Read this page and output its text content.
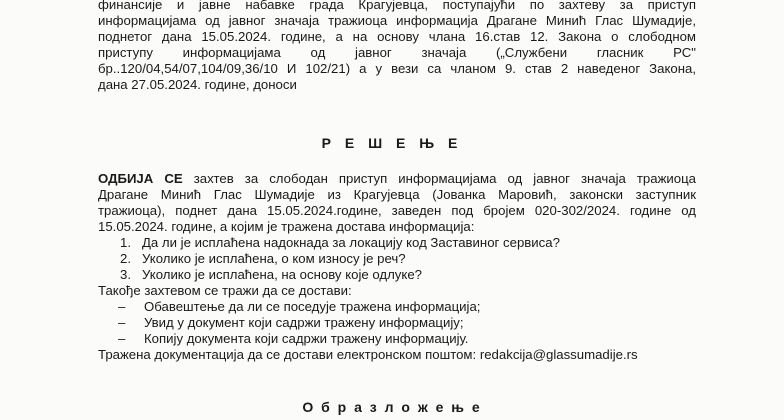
финансије и јавне набавке града Крагујевца, поступајући по захтеву за приступ
информацијама од јавног значаја тражиоца информација Драгане Минић Глас Шумадије,
поднетог дана 15.05.2024. године, а на основу члана 16.став 12. Закона о слободном
приступу информацијама од јавног значаја („Службени гласник РС"
бр..120/04,54/07,104/09,36/10 И 102/21) а у вези са чланом 9. став 2 наведеног Закона,
дана 27.05.2024. године, доноси
Р Е Ш Е Њ Е
ОДБИЈА СЕ захтев за слободан приступ информацијама од јавног значаја тражиоца
Драгане Минић Глас Шумадије из Крагујевца (Јованка Маровић, законски заступник
тражиоца), поднет дана 15.05.2024.године, заведен под бројем 020-302/2024. године од
15.05.2024. године, а којим је тражена достава информација:
1. Да ли је исплаћена надокнада за локацију код Заставиног сервиса?
2. Уколико је исплаћена, о ком износу је реч?
3. Уколико је исплаћена, на основу које одлуке?
Такође захтевом се тражи да се достави:
– Обавештење да ли се поседује тражена информација;
– Увид у документ који садржи тражену информацију;
– Копију документа који садржи тражену информацију.
Тражена документација да се достави електронском поштом: redakcija@glassumadije.rs
О б р а з л о ж е њ е
